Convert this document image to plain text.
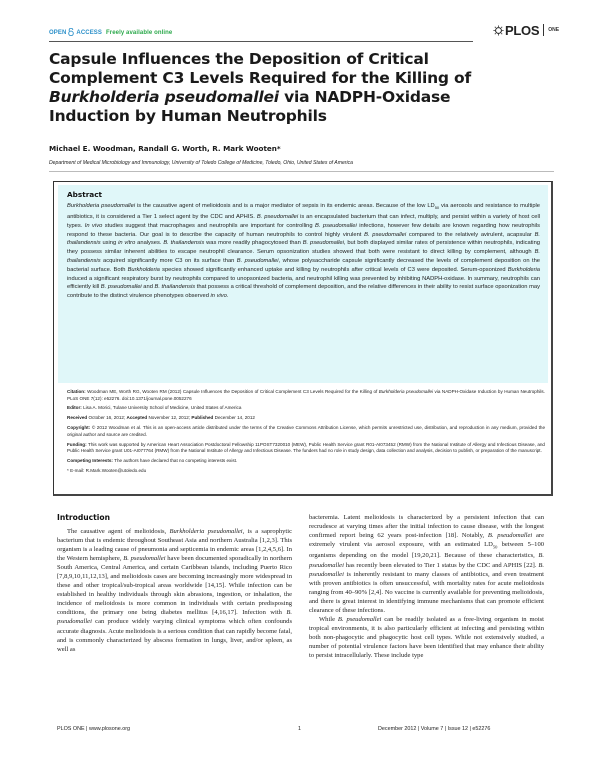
OPEN ACCESS Freely available online	PLOS ONE
Capsule Influences the Deposition of Critical
Complement C3 Levels Required for the Killing of
Burkholderia pseudomallei via NADPH-Oxidase
Induction by Human Neutrophils
Michael E. Woodman, Randall G. Worth, R. Mark Wooten*
Department of Medical Microbiology and Immunology, University of Toledo College of Medicine, Toledo, Ohio, United States of America
Abstract

Burkholderia pseudomallei is the causative agent of melioidosis and is a major mediator of sepsis in its endemic areas. Because of the low $LD_{50}$ via aerosols and resistance to multiple antibiotics, it is considered a Tier 1 select agent by the CDC and APHIS. B. pseudomallei is an encapsulated bacterium that can infect, multiply, and persist within a variety of host cell types. In vivo studies suggest that macrophages and neutrophils are important for controlling B. pseudomallei infections, however few details are known regarding how neutrophils respond to these bacteria. Our goal is to describe the capacity of human neutrophils to control highly virulent B. pseudomallei compared to the relatively avirulent, acapsular B. thailandensis using in vitro analyses. B. thailandensis was more readily phagocytosed than B. pseudomallei, but both displayed similar rates of persistence within neutrophils, indicating they possess similar inherent abilities to escape neutrophil clearance. Serum opsonization studies showed that both were resistant to direct killing by complement, although B. thailandensis acquired significantly more C3 on its surface than B. pseudomallei, whose polysaccharide capsule significantly decreased the levels of complement deposition on the bacterial surface. Both Burkholderia species showed significantly enhanced uptake and killing by neutrophils after critical levels of C3 were deposited. Serum-opsonized Burkholderia induced a significant respiratory burst by neutrophils compared to unopsonized bacteria, and neutrophil killing was prevented by inhibiting NADPH-oxidase. In summary, neutrophils can efficiently kill B. pseudomallei and B. thailandensis that possess a critical threshold of complement deposition, and the relative differences in their ability to resist surface opsonization may contribute to the distinct virulence phenotypes observed in vivo.

Citation: Woodman ME, Worth RG, Wooten RM (2012) Capsule Influences the Deposition of Critical Complement C3 Levels Required for the Killing of Burkholderia pseudomallei via NADPH-Oxidase Induction by Human Neutrophils. PLoS ONE 7(12): e52276. doi:10.1371/journal.pone.0052276
Editor: Lisa A. Morici, Tulane University School of Medicine, United States of America
Received October 16, 2012; Accepted November 12, 2012; Published December 14, 2012
Copyright: © 2012 Woodman et al. This is an open-access article distributed under the terms of the Creative Commons Attribution License, which permits unrestricted use, distribution, and reproduction in any medium, provided the original author and source are credited.
Funding: This work was supported by American Heart Association Postdoctoral Fellowship 11POST7320010 (MEW), Public Health Service grant R01-AI073452 (RMW) from the National Institute of Allergy and Infectious Disease, and Public Health Service grant U01-AI077764 (RMW) from the National Institute of Allergy and Infectious Disease. The funders had no role in study design, data collection and analysis, decision to publish, or preparation of the manuscript.
Competing Interests: The authors have declared that no competing interests exist.
* E-mail: R.Mark.Wooten@utoledo.edu
Introduction

The causative agent of melioidosis, Burkholderia pseudomallei, is a saprophytic bacterium that is endemic throughout Southeast Asia and northern Australia [1,2,3]. This organism is a leading cause of pneumonia and septicemia in endemic areas [1,2,4,5,6]. In the Western hemisphere, B. pseudomallei have been documented sporadically in northern South America, Central America, and certain Caribbean islands, including Puerto Rico [7,8,9,10,11,12,13], and melioidosis cases are becoming increasingly more widespread in these and other tropical/sub-tropical areas worldwide [14,15]. While infection can be established in healthy individuals through skin abrasions, ingestion, or inhalation, the incidence of melioidosis is more common in individuals with certain predisposing conditions, the primary one being diabetes mellitus [4,16,17]. Infection with B. pseudomallei can produce widely varying clinical symptoms which often confounds accurate diagnosis. Acute melioidosis is a serious condition that can rapidly become fatal, and is commonly characterized by abscess formation in lungs, liver, and/or spleen, as well as

bacteremia. Latent melioidosis is characterized by a persistent infection that can recrudesce at varying times after the initial infection to cause disease, with the longest confirmed report being 62 years post-infection [18]. Notably, B. pseudomallei are extremely virulent via aerosol exposure, with an estimated $LD_{50}$ between 5–100 organisms depending on the model [19,20,21]. Because of these characteristics, B. pseudomallei has recently been elevated to Tier 1 status by the CDC and APHIS [22]. B. pseudomallei is inherently resistant to many classes of antibiotics, and even treatment with proven antibiotics is often unsuccessful, with mortality rates for acute melioidosis ranging from 40–90% [2,4]. No vaccine is currently available for preventing melioidosis, and there is great interest in identifying immune mechanisms that can promote efficient clearance of these infections.

While B. pseudomallei can be readily isolated as a free-living organism in moist tropical environments, it is also particularly efficient at infecting and persisting within both non-phagocytic and phagocytic host cell types. While not extensively studied, a number of potential virulence factors have been identified that may enhance their ability to persist intracellularly. These include type

PLOS ONE | www.plosone.org	1	December 2012 | Volume 7 | Issue 12 | e52276
